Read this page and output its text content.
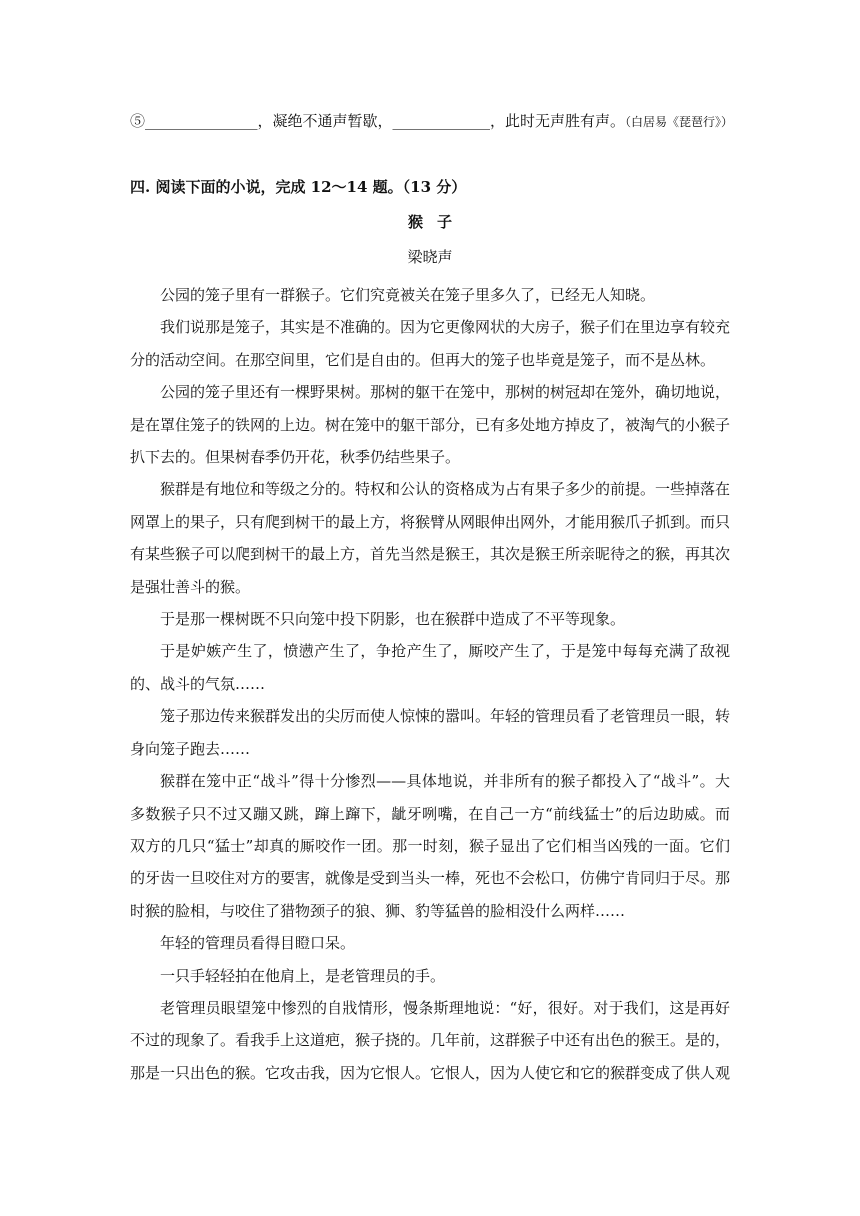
⑤_______________，凝绝不通声暂歇，_____________，此时无声胜有声。（白居易《琵琶行》）
四. 阅读下面的小说，完成 12～14 题。（13 分）
猴子
梁晓声

公园的笼子里有一群猴子。它们究竟被关在笼子里多久了，已经无人知晓。

我们说那是笼子，其实是不准确的。因为它更像网状的大房子，猴子们在里边享有较充分的活动空间。在那空间里，它们是自由的。但再大的笼子也毕竟是笼子，而不是丛林。

公园的笼子里还有一棵野果树。那树的躯干在笼中，那树的树冠却在笼外，确切地说，是在罩住笼子的铁网的上边。树在笼中的躯干部分，已有多处地方掉皮了，被淘气的小猴子扒下去的。但果树春季仍开花，秋季仍结些果子。

猴群是有地位和等级之分的。特权和公认的资格成为占有果子多少的前提。一些掉落在网罩上的果子，只有爬到树干的最上方，将猴臂从网眼伸出网外，才能用猴爪子抓到。而只有某些猴子可以爬到树干的最上方，首先当然是猴王，其次是猴王所亲昵待之的猴，再其次是强壮善斗的猴。

于是那一棵树既不只向笼中投下阴影，也在猴群中造成了不平等现象。

于是妒嫉产生了，愤懑产生了，争抢产生了，厮咬产生了，于是笼中每每充满了敌视的、战斗的气氛……

笼子那边传来猴群发出的尖厉而使人惊悚的嚣叫。年轻的管理员看了老管理员一眼，转身向笼子跑去……

猴群在笼中正“战斗”得十分惨烈——具体地说，并非所有的猴子都投入了“战斗”。大多数猴子只不过又蹦又跳，蹿上蹿下，龇牙咧嘴，在自己一方“前线猛士”的后边助威。而双方的几只“猛士”却真的厮咬作一团。那一时刻，猴子显出了它们相当凶残的一面。它们的牙齿一旦咬住对方的要害，就像是受到当头一棒，死也不会松口，仿佛宁肯同归于尽。那时猴的脸相，与咬住了猎物颈子的狼、狮、豹等猛兽的脸相没什么两样……

年轻的管理员看得目瞪口呆。

一只手轻轻拍在他肩上，是老管理员的手。

老管理员眼望笼中惨烈的自戕情形，慢条斯理地说：“好，很好。对于我们，这是再好不过的现象了。看我手上这道疤，猴子挠的。几年前，这群猴子中还有出色的猴王。是的，那是一只出色的猴。它攻击我，因为它恨人。它恨人，因为人使它和它的猴群变成了供人观
